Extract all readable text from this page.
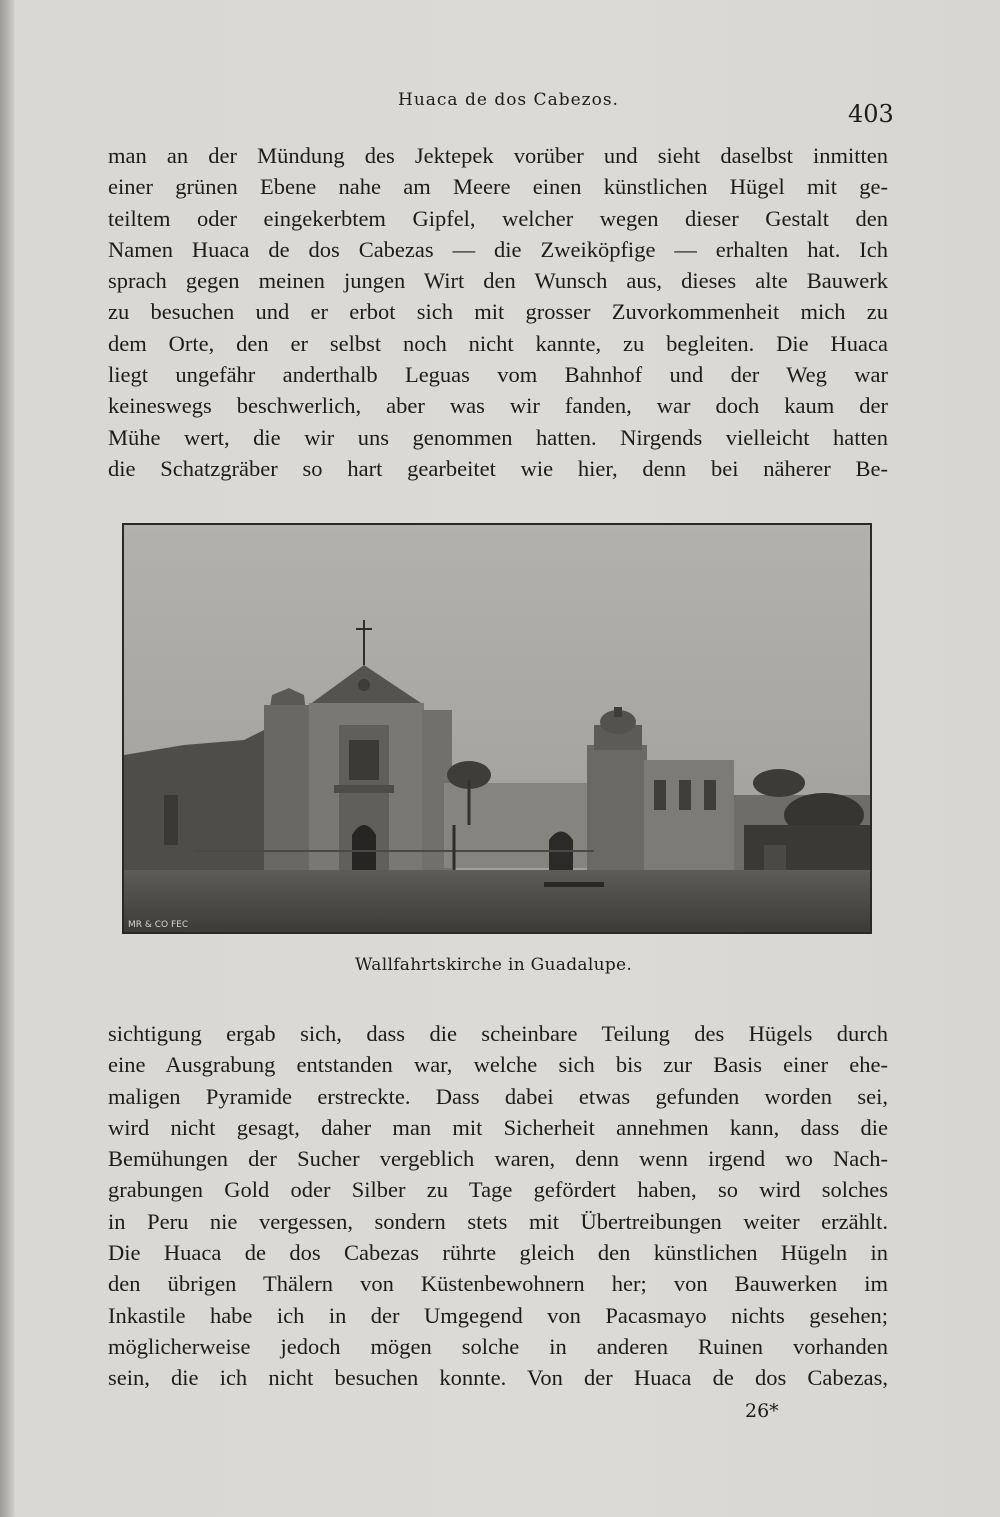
Huaca de dos Cabezos.	403
man an der Mündung des Jektepek vorüber und sieht daselbst inmitten
einer grünen Ebene nahe am Meere einen künstlichen Hügel mit ge-
teiltem oder eingekerbtem Gipfel, welcher wegen dieser Gestalt den
Namen Huaca de dos Cabezas — die Zweiköpfige — erhalten hat. Ich
sprach gegen meinen jungen Wirt den Wunsch aus, dieses alte Bauwerk
zu besuchen und er erbot sich mit grosser Zuvorkommenheit mich zu
dem Orte, den er selbst noch nicht kannte, zu begleiten. Die Huaca
liegt ungefähr anderthalb Leguas vom Bahnhof und der Weg war
keineswegs beschwerlich, aber was wir fanden, war doch kaum der
Mühe wert, die wir uns genommen hatten. Nirgends vielleicht hatten
die Schatzgräber so hart gearbeitet wie hier, denn bei näherer Be-
MR & CO FEC
Wallfahrtskirche in Guadalupe.
sichtigung ergab sich, dass die scheinbare Teilung des Hügels durch
eine Ausgrabung entstanden war, welche sich bis zur Basis einer ehe-
maligen Pyramide erstreckte. Dass dabei etwas gefunden worden sei,
wird nicht gesagt, daher man mit Sicherheit annehmen kann, dass die
Bemühungen der Sucher vergeblich waren, denn wenn irgend wo Nach-
grabungen Gold oder Silber zu Tage gefördert haben, so wird solches
in Peru nie vergessen, sondern stets mit Übertreibungen weiter erzählt.
Die Huaca de dos Cabezas rührte gleich den künstlichen Hügeln in
den übrigen Thälern von Küstenbewohnern her; von Bauwerken im
Inkastile habe ich in der Umgegend von Pacasmayo nichts gesehen;
möglicherweise jedoch mögen solche in anderen Ruinen vorhanden
sein, die ich nicht besuchen konnte. Von der Huaca de dos Cabezas,
26*
